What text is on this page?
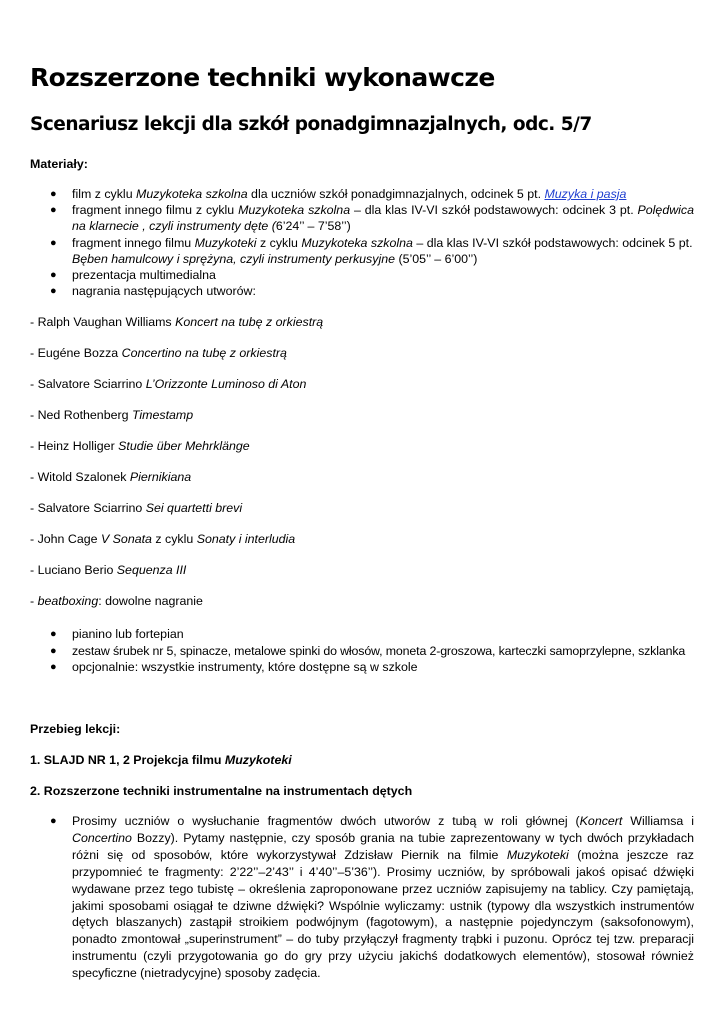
Rozszerzone techniki wykonawcze
Scenariusz lekcji dla szkół ponadgimnazjalnych, odc. 5/7
Materiały:
● film z cyklu Muzykoteka szkolna dla uczniów szkół ponadgimnazjalnych, odcinek 5 pt. Muzyka i pasja
● fragment innego filmu z cyklu Muzykoteka szkolna – dla klas IV-VI szkół podstawowych: odcinek 3 pt. Polędwica na klarnecie , czyli instrumenty dęte (6’24’’ – 7’58’’)
● fragment innego filmu Muzykoteki z cyklu Muzykoteka szkolna – dla klas IV-VI szkół podstawowych: odcinek 5 pt. Bęben hamulcowy i sprężyna, czyli instrumenty perkusyjne (5’05’’ – 6’00’’)
● prezentacja multimedialna
● nagrania następujących utworów:
- Ralph Vaughan Williams Koncert na tubę z orkiestrą
- Eugéne Bozza Concertino na tubę z orkiestrą
- Salvatore Sciarrino L’Orizzonte Luminoso di Aton
- Ned Rothenberg Timestamp
- Heinz Holliger Studie über Mehrklänge
- Witold Szalonek Piernikiana
- Salvatore Sciarrino Sei quartetti brevi
- John Cage V Sonata z cyklu Sonaty i interludia
- Luciano Berio Sequenza III
- beatboxing: dowolne nagranie
● pianino lub fortepian
● zestaw śrubek nr 5, spinacze, metalowe spinki do włosów, moneta 2-groszowa, karteczki samoprzylepne, szklanka
● opcjonalnie: wszystkie instrumenty, które dostępne są w szkole
Przebieg lekcji:
1. SLAJD NR 1, 2 Projekcja filmu Muzykoteki
2. Rozszerzone techniki instrumentalne na instrumentach dętych
● Prosimy uczniów o wysłuchanie fragmentów dwóch utworów z tubą w roli głównej (Koncert Williamsa i Concertino Bozzy). Pytamy następnie, czy sposób grania na tubie zaprezentowany w tych dwóch przykładach różni się od sposobów, które wykorzystywał Zdzisław Piernik na filmie Muzykoteki (można jeszcze raz przypomnieć te fragmenty: 2’22’’–2’43’’ i 4’40’’–5’36’’). Prosimy uczniów, by spróbowali jakoś opisać dźwięki wydawane przez tego tubistę – określenia zaproponowane przez uczniów zapisujemy na tablicy. Czy pamiętają, jakimi sposobami osiągał te dziwne dźwięki? Wspólnie wyliczamy: ustnik (typowy dla wszystkich instrumentów dętych blaszanych) zastąpił stroikiem podwójnym (fagotowym), a następnie pojedynczym (saksofonowym), ponadto zmontował „superinstrument” – do tuby przyłączył fragmenty trąbki i puzonu. Oprócz tej tzw. preparacji instrumentu (czyli przygotowania go do gry przy użyciu jakichś dodatkowych elementów), stosował również specyficzne (nietradycyjne) sposoby zadęcia.
